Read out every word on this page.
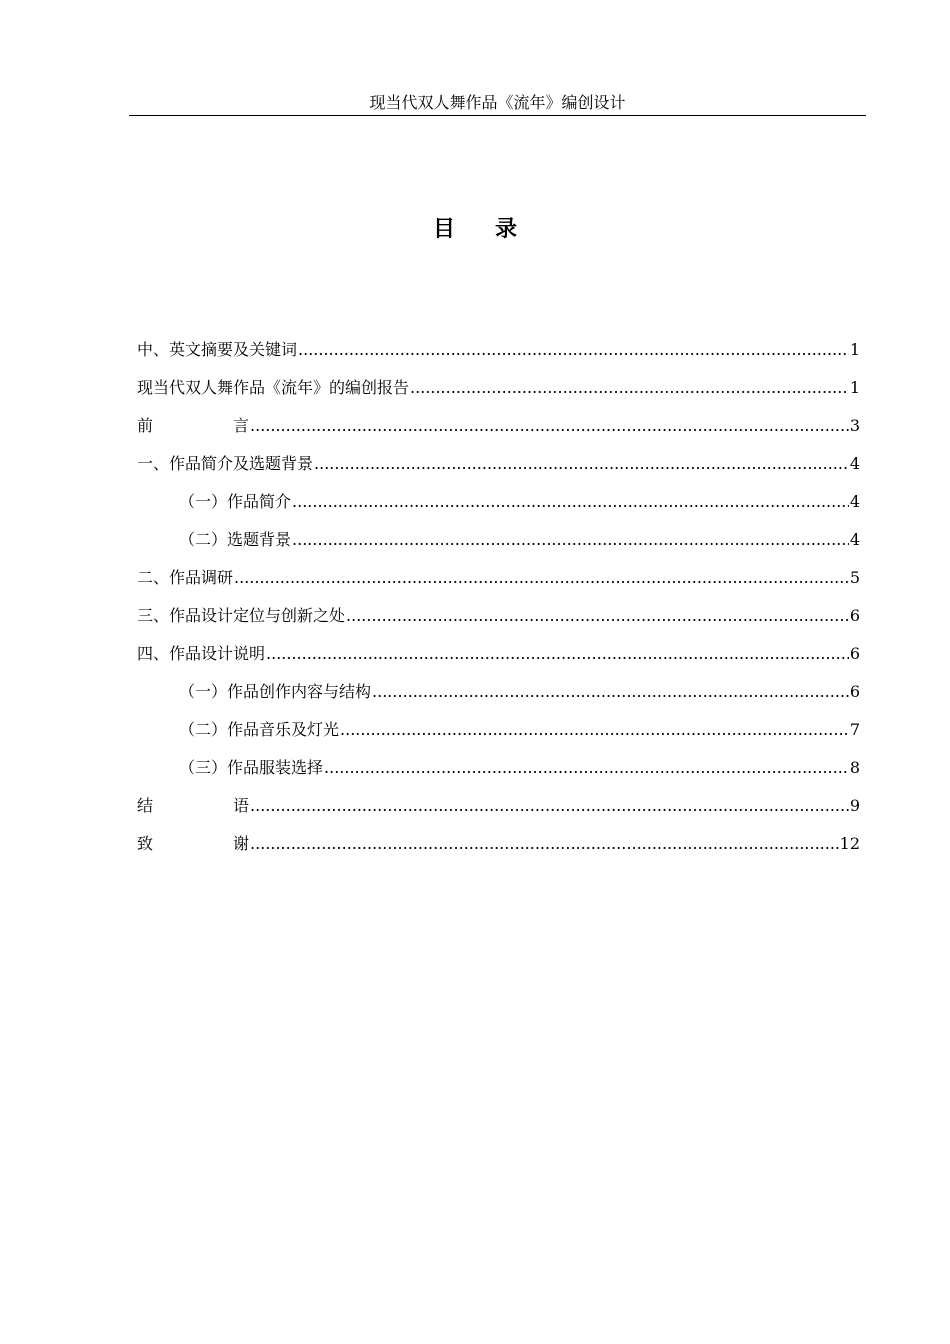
现当代双人舞作品《流年》编创设计
目 录
中、英文摘要及关键词 .....	1
现当代双人舞作品《流年》的编创报告 .....	1
前	言 .....	3
一、作品简介及选题背景 .....	4
（一）作品简介 .....	4
（二）选题背景 .....	4
二、作品调研 .....	5
三、作品设计定位与创新之处 .....	6
四、作品设计说明 .....	6
（一）作品创作内容与结构 .....	6
（二）作品音乐及灯光 .....	7
（三）作品服装选择 .....	8
结	语 .....	9
致	谢 .....	12
